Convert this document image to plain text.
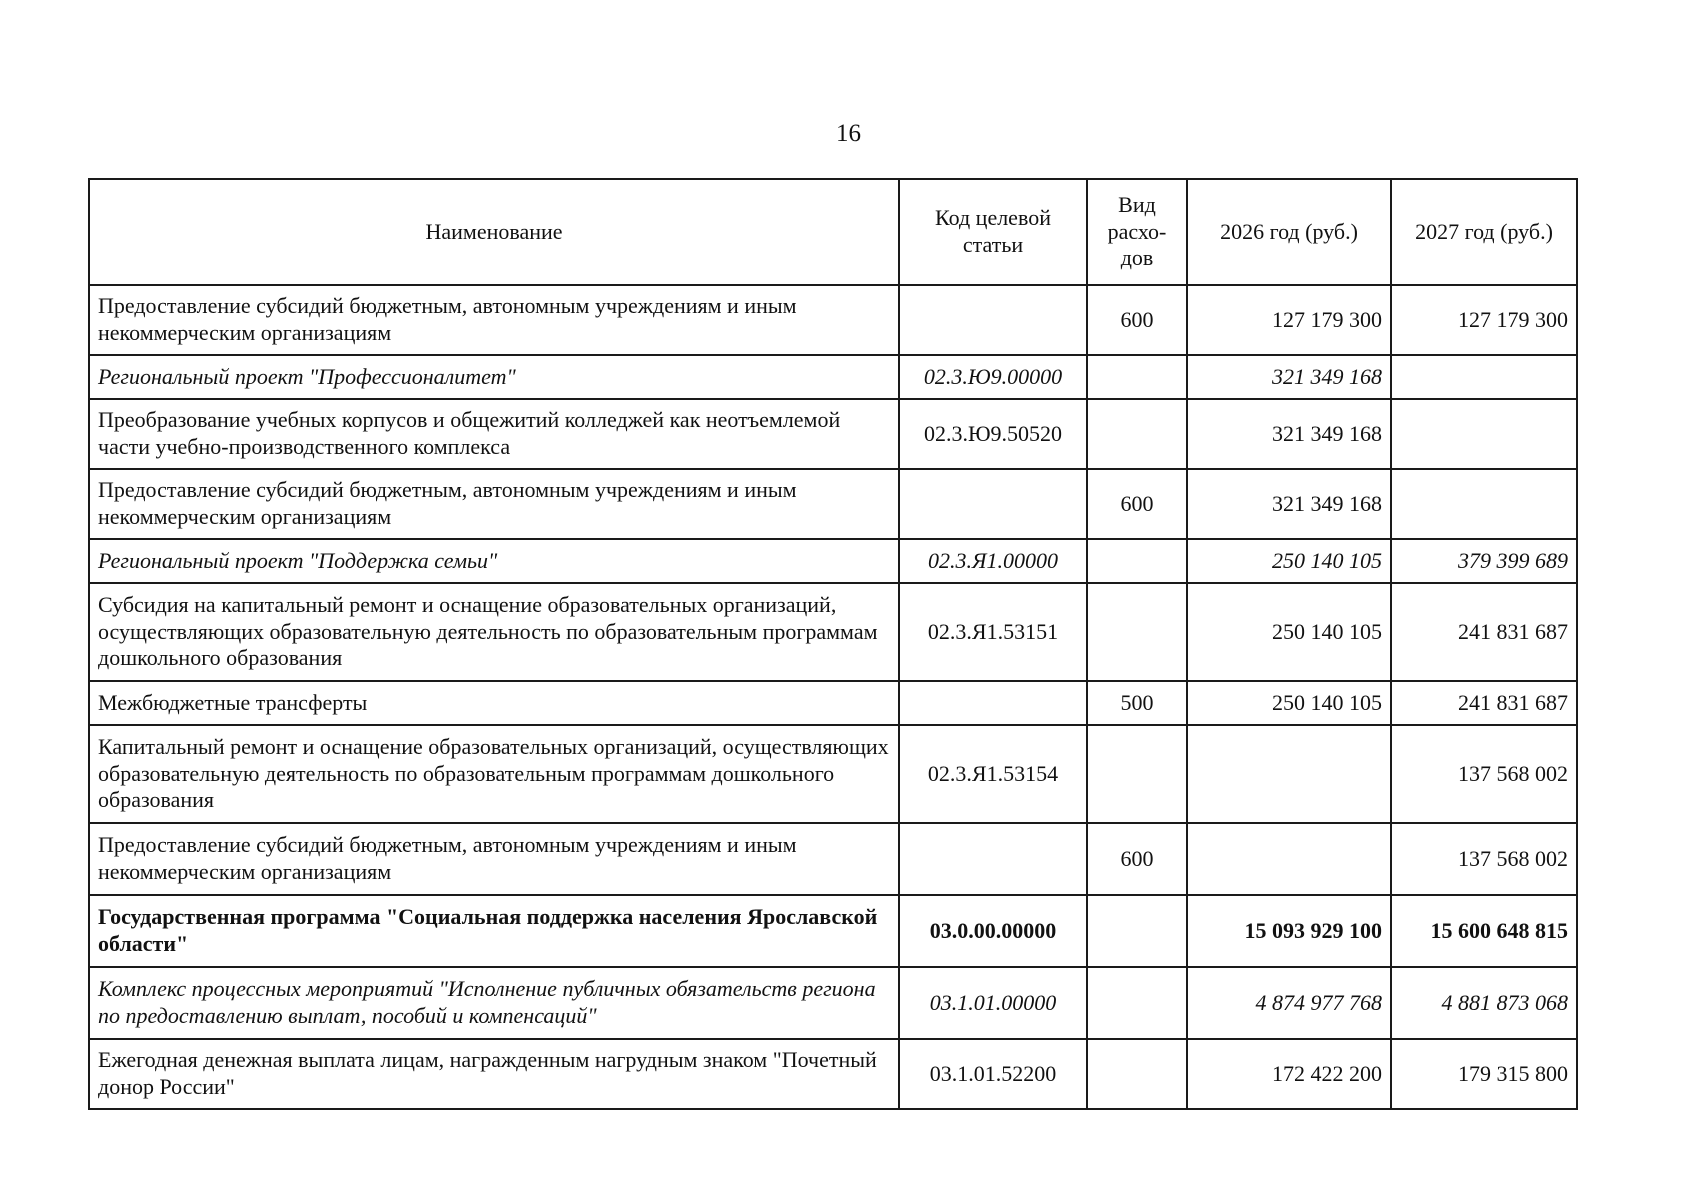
16
Наименование	Код целевой статьи	Вид расхо-дов	2026 год (руб.)	2027 год (руб.)
Предоставление субсидий бюджетным, автономным учреждениям и иным некоммерческим организациям		600	127 179 300	127 179 300
Региональный проект "Профессионалитет"	02.3.Ю9.00000		321 349 168	
Преобразование учебных корпусов и общежитий колледжей как неотъемлемой части учебно-производственного комплекса	02.3.Ю9.50520		321 349 168	
Предоставление субсидий бюджетным, автономным учреждениям и иным некоммерческим организациям		600	321 349 168	
Региональный проект "Поддержка семьи"	02.3.Я1.00000		250 140 105	379 399 689
Субсидия на капитальный ремонт и оснащение образовательных организаций, осуществляющих образовательную деятельность по образовательным программам дошкольного образования	02.3.Я1.53151		250 140 105	241 831 687
Межбюджетные трансферты		500	250 140 105	241 831 687
Капитальный ремонт и оснащение образовательных организаций, осуществляющих образовательную деятельность по образовательным программам дошкольного образования	02.3.Я1.53154			137 568 002
Предоставление субсидий бюджетным, автономным учреждениям и иным некоммерческим организациям		600		137 568 002
Государственная программа "Социальная поддержка населения Ярославской области"	03.0.00.00000		15 093 929 100	15 600 648 815
Комплекс процессных мероприятий "Исполнение публичных обязательств региона по предоставлению выплат, пособий и компенсаций"	03.1.01.00000		4 874 977 768	4 881 873 068
Ежегодная денежная выплата лицам, награжденным нагрудным знаком "Почетный донор России"	03.1.01.52200		172 422 200	179 315 800
